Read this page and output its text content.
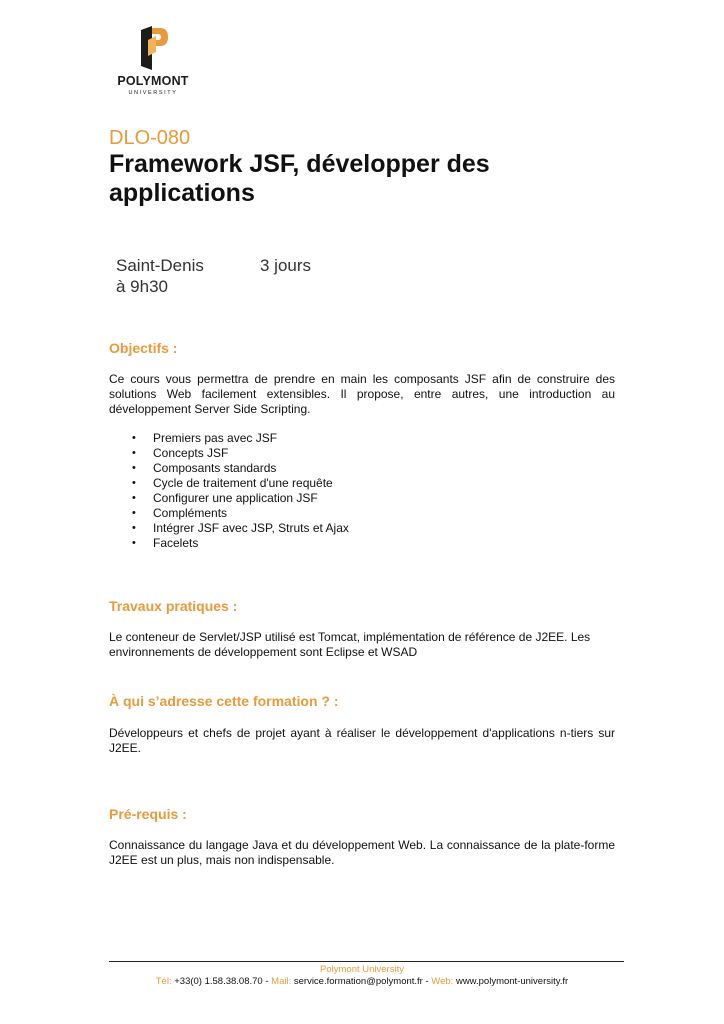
POLYMONT
UNIVERSITY
DLO-080
Framework JSF, développer des applications
Saint-Denis
à 9h30
3 jours
Objectifs :
Ce cours vous permettra de prendre en main les composants JSF afin de construire des solutions Web facilement extensibles. Il propose, entre autres, une introduction au développement Server Side Scripting.
• Premiers pas avec JSF
• Concepts JSF
• Composants standards
• Cycle de traitement d'une requête
• Configurer une application JSF
• Compléments
• Intégrer JSF avec JSP, Struts et Ajax
• Facelets
Travaux pratiques :
Le conteneur de Servlet/JSP utilisé est Tomcat, implémentation de référence de J2EE. Les environnements de développement sont Eclipse et WSAD
À qui s’adresse cette formation ? :
Développeurs et chefs de projet ayant à réaliser le développement d'applications n-tiers sur J2EE.
Pré-requis :
Connaissance du langage Java et du développement Web. La connaissance de la plate-forme J2EE est un plus, mais non indispensable.
Polymont University
Tél: +33(0) 1.58.38.08.70 - Mail: service.formation@polymont.fr - Web: www.polymont-university.fr
